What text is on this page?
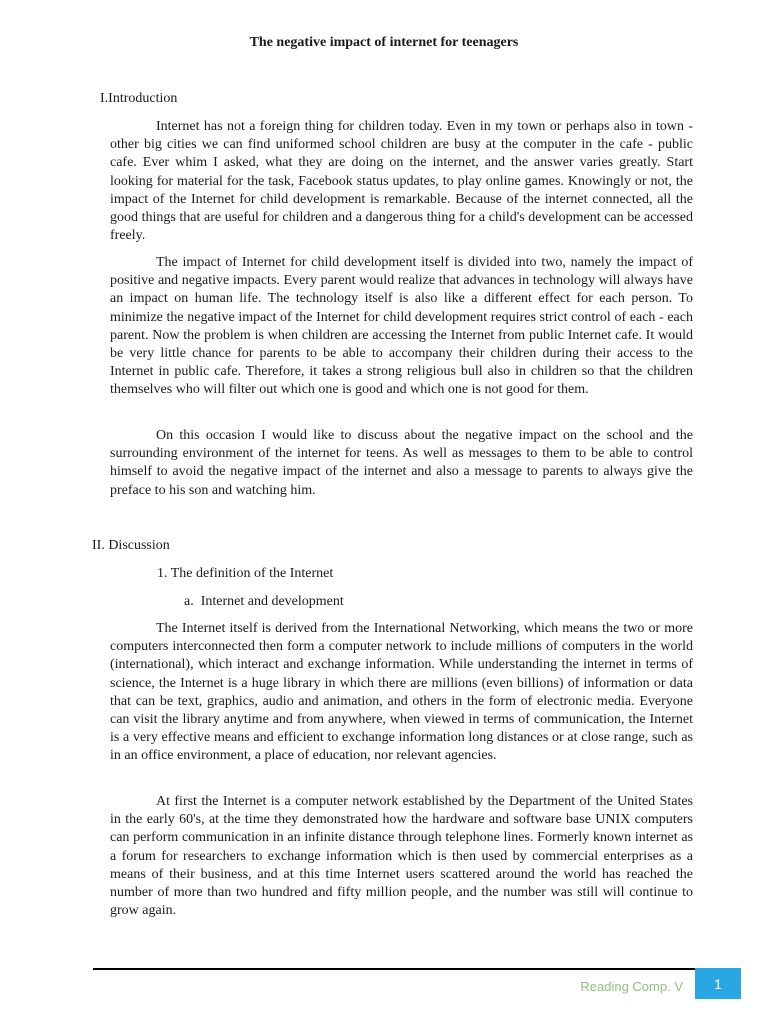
The negative impact of internet for teenagers
I.Introduction

Internet has not a foreign thing for children today. Even in my town or perhaps also in town - other big cities we can find uniformed school children are busy at the computer in the cafe - public cafe. Ever whim I asked, what they are doing on the internet, and the answer varies greatly. Start looking for material for the task, Facebook status updates, to play online games. Knowingly or not, the impact of the Internet for child development is remarkable. Because of the internet connected, all the good things that are useful for children and a dangerous thing for a child's development can be accessed freely.

The impact of Internet for child development itself is divided into two, namely the impact of positive and negative impacts. Every parent would realize that advances in technology will always have an impact on human life. The technology itself is also like a different effect for each person. To minimize the negative impact of the Internet for child development requires strict control of each - each parent. Now the problem is when children are accessing the Internet from public Internet cafe. It would be very little chance for parents to be able to accompany their children during their access to the Internet in public cafe. Therefore, it takes a strong religious bull also in children so that the children themselves who will filter out which one is good and which one is not good for them.

On this occasion I would like to discuss about the negative impact on the school and the surrounding environment of the internet for teens. As well as messages to them to be able to control himself to avoid the negative impact of the internet and also a message to parents to always give the preface to his son and watching him.

II. Discussion
1. The definition of the Internet
a.  Internet and development

The Internet itself is derived from the International Networking, which means the two or more computers interconnected then form a computer network to include millions of computers in the world (international), which interact and exchange information. While understanding the internet in terms of science, the Internet is a huge library in which there are millions (even billions) of information or data that can be text, graphics, audio and animation, and others in the form of electronic media. Everyone can visit the library anytime and from anywhere, when viewed in terms of communication, the Internet is a very effective means and efficient to exchange information long distances or at close range, such as in an office environment, a place of education, nor relevant agencies.

At first the Internet is a computer network established by the Department of the United States in the early 60's, at the time they demonstrated how the hardware and software base UNIX computers can perform communication in an infinite distance through telephone lines. Formerly known internet as a forum for researchers to exchange information which is then used by commercial enterprises as a means of their business, and at this time Internet users scattered around the world has reached the number of more than two hundred and fifty million people, and the number was still will continue to grow again.

Reading Comp. V 1
